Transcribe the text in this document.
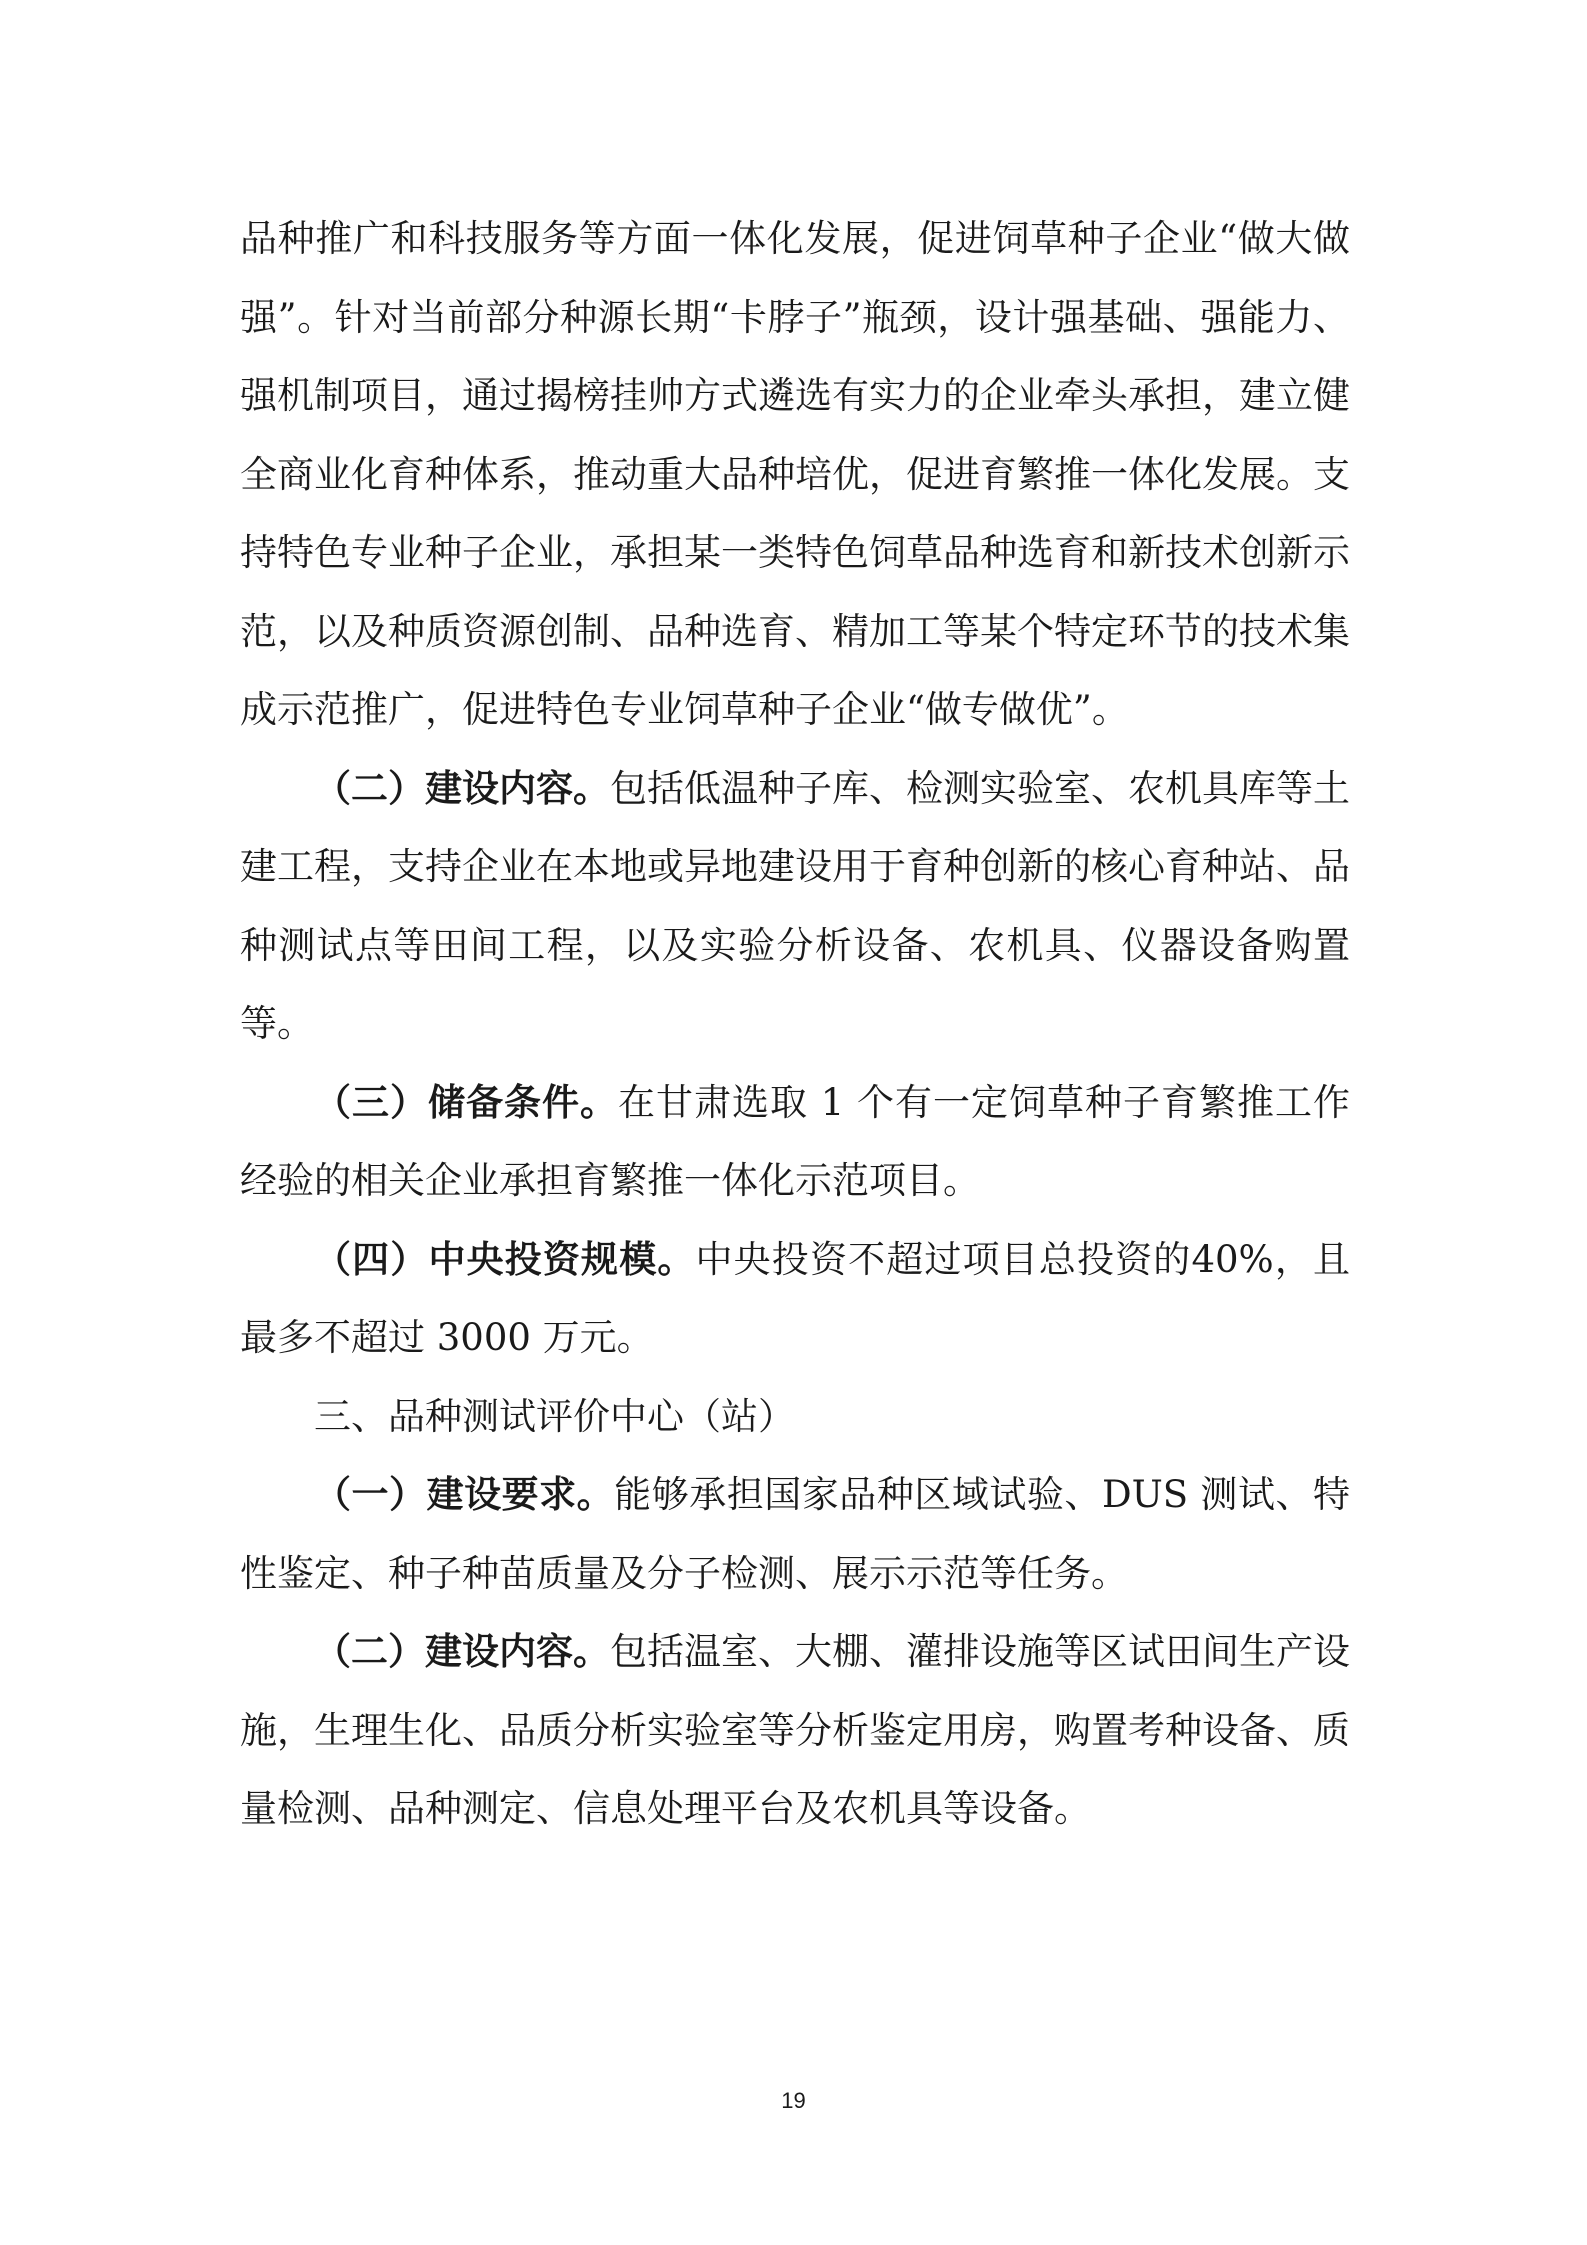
品种推广和科技服务等方面一体化发展，促进饲草种子企业“做大做强”。针对当前部分种源长期“卡脖子”瓶颈，设计强基础、强能力、强机制项目，通过揭榜挂帅方式遴选有实力的企业牵头承担，建立健全商业化育种体系，推动重大品种培优，促进育繁推一体化发展。支持特色专业种子企业，承担某一类特色饲草品种选育和新技术创新示范，以及种质资源创制、品种选育、精加工等某个特定环节的技术集成示范推广，促进特色专业饲草种子企业“做专做优”。

（二）建设内容。包括低温种子库、检测实验室、农机具库等土建工程，支持企业在本地或异地建设用于育种创新的核心育种站、品种测试点等田间工程，以及实验分析设备、农机具、仪器设备购置等。

（三）储备条件。在甘肃选取 1 个有一定饲草种子育繁推工作经验的相关企业承担育繁推一体化示范项目。

（四）中央投资规模。中央投资不超过项目总投资的40%，且最多不超过 3000 万元。

三、品种测试评价中心（站）

（一）建设要求。能够承担国家品种区域试验、DUS 测试、特性鉴定、种子种苗质量及分子检测、展示示范等任务。

（二）建设内容。包括温室、大棚、灌排设施等区试田间生产设施，生理生化、品质分析实验室等分析鉴定用房，购置考种设备、质量检测、品种测定、信息处理平台及农机具等设备。

19
